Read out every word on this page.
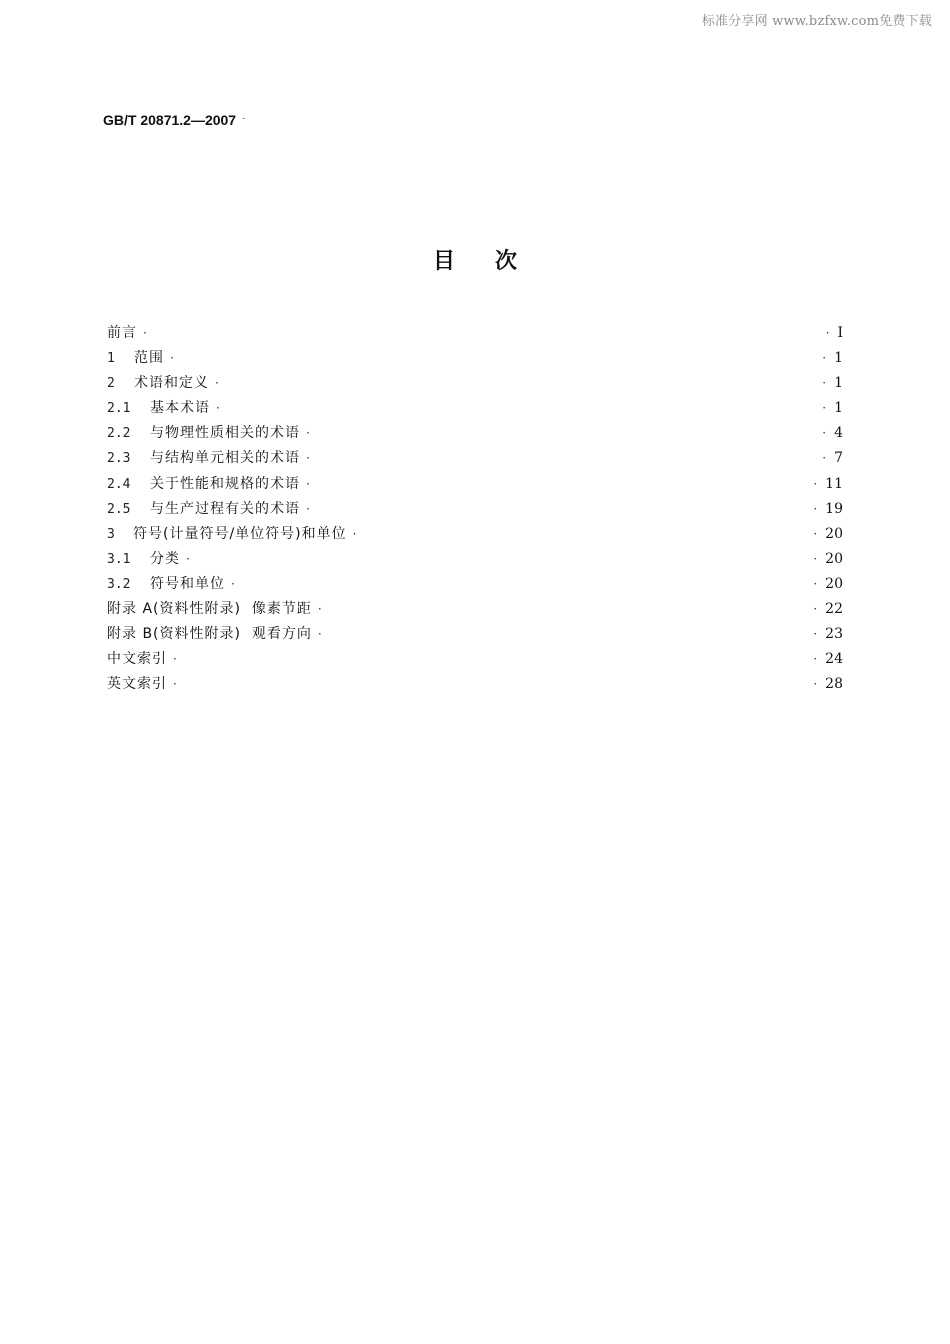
标准分享网 www.bzfxw.com免费下载
GB/T 20871.2—2007 ·
目次
前言 ·	· I
1 范围 ·	· 1
2 术语和定义 ·	· 1
2.1 基本术语 ·	· 1
2.2 与物理性质相关的术语 ·	· 4
2.3 与结构单元相关的术语 ·	· 7
2.4 关于性能和规格的术语 ·	· 11
2.5 与生产过程有关的术语 ·	· 19
3 符号(计量符号/单位符号)和单位 ·	· 20
3.1 分类 ·	· 20
3.2 符号和单位 ·	· 20
附录 A(资料性附录)  像素节距 ·	· 22
附录 B(资料性附录)  观看方向 ·	· 23
中文索引 ·	· 24
英文索引 ·	· 28
